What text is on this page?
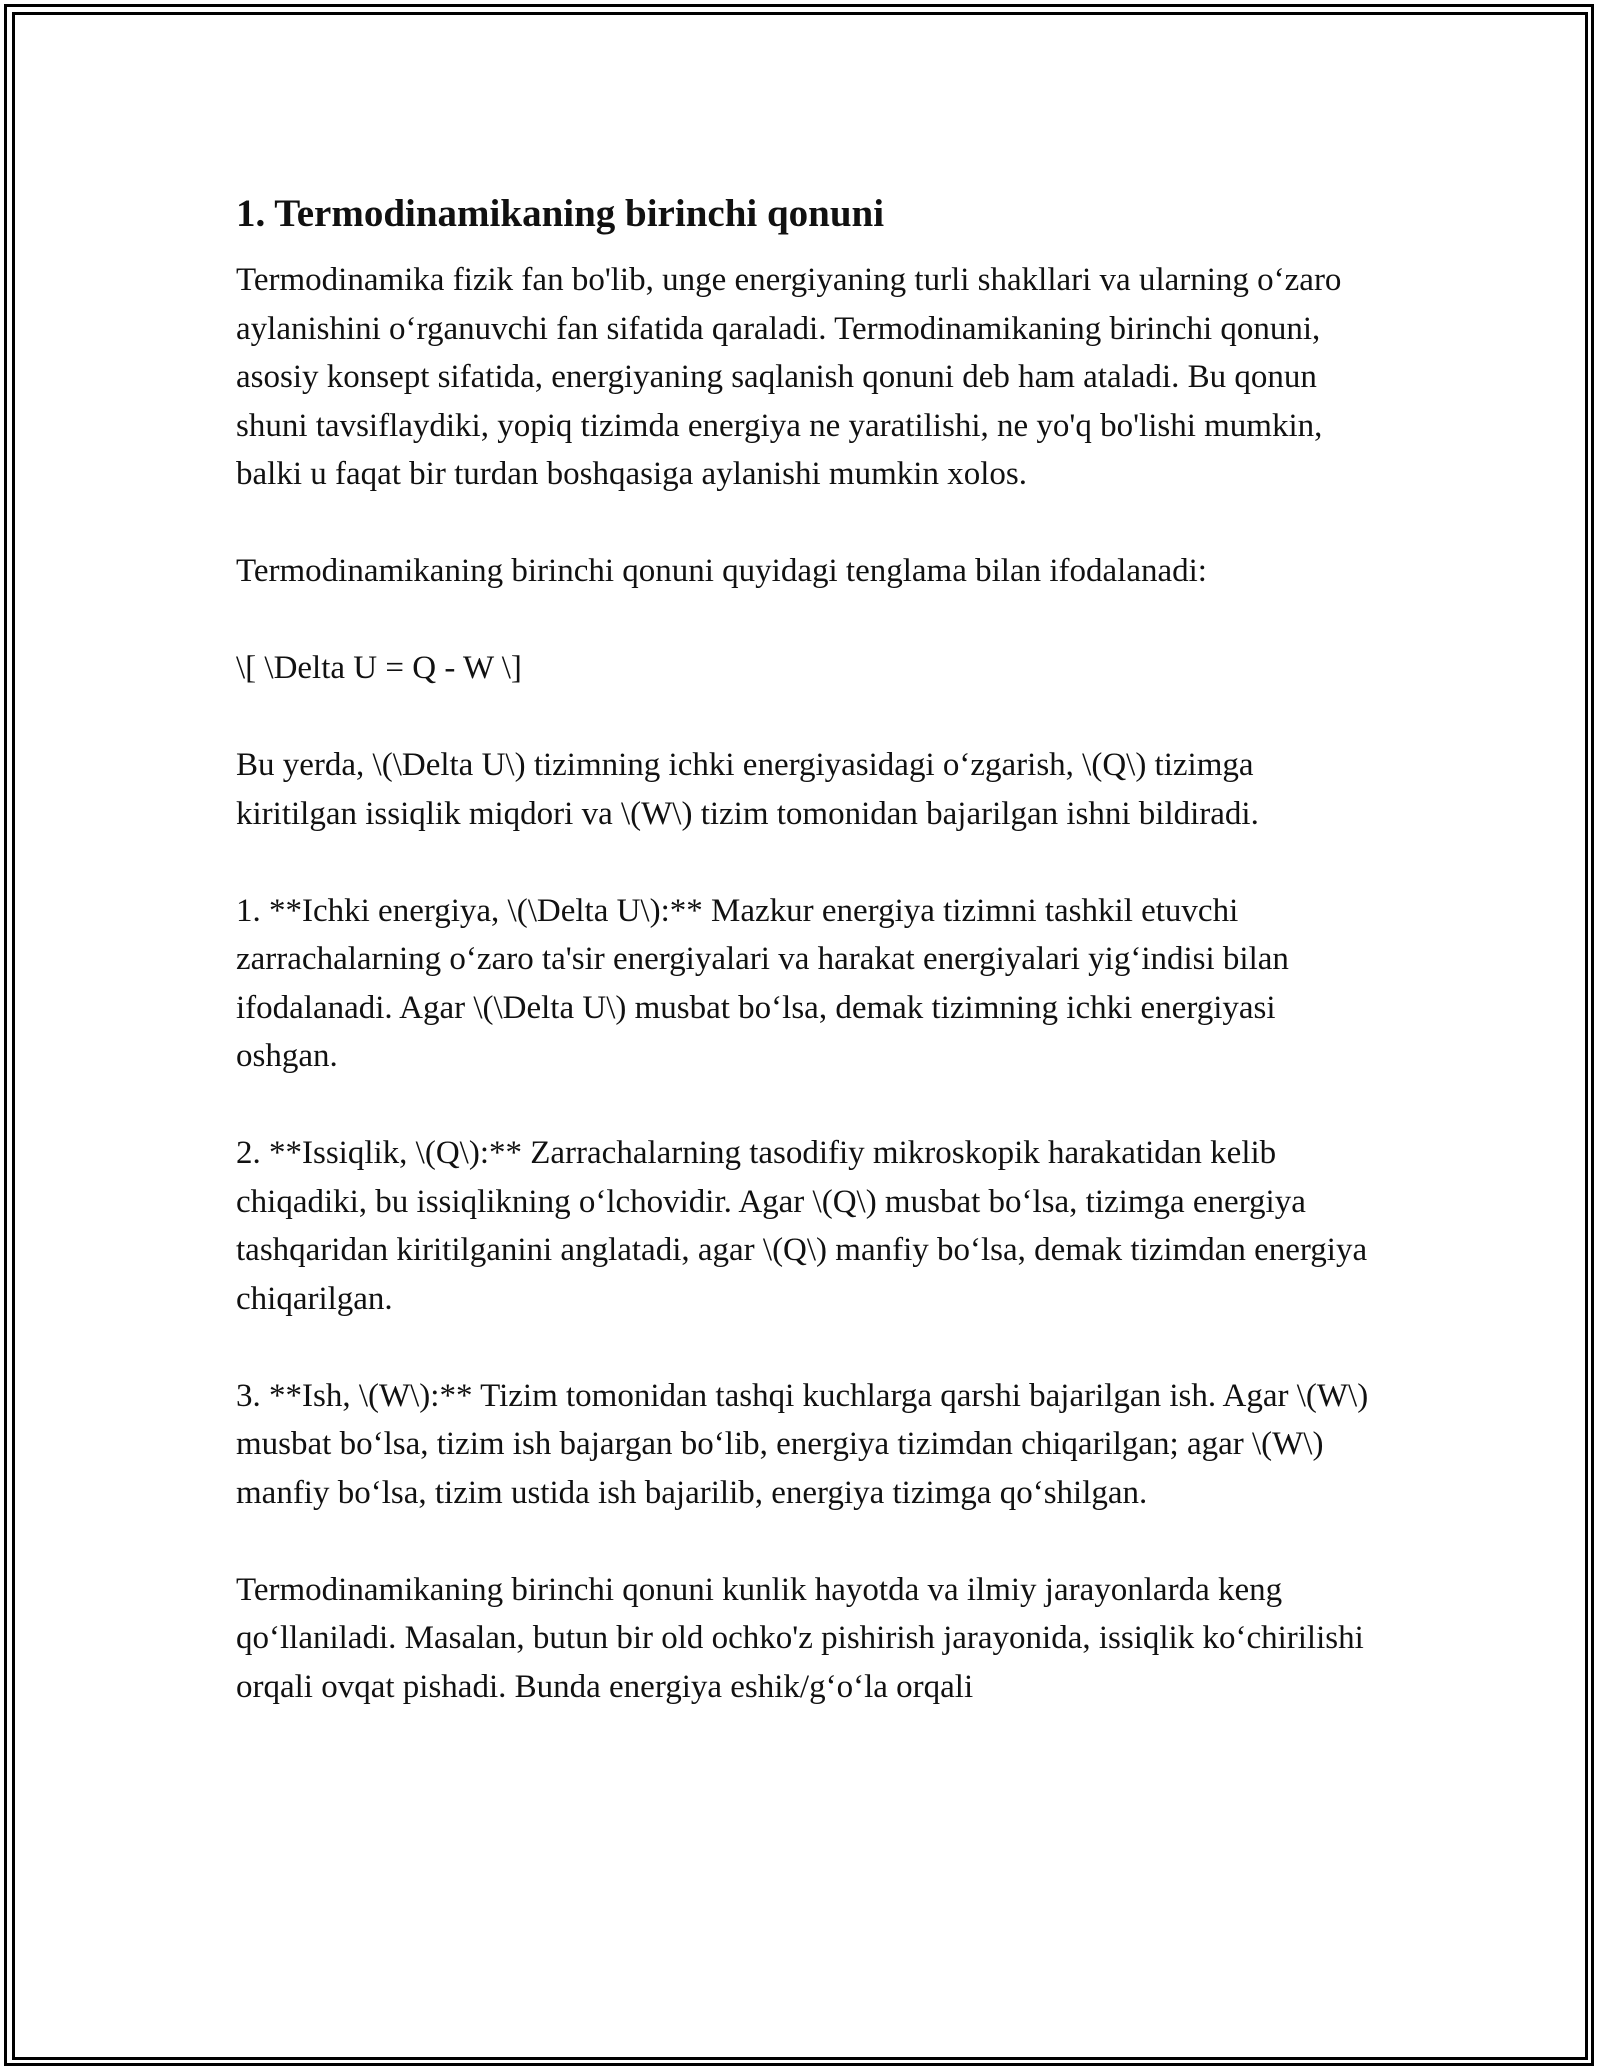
1. Termodinamikaning birinchi qonuni

Termodinamika fizik fan bo'lib, unge energiyaning turli shakllari va ularning o‘zaro aylanishini o‘rganuvchi fan sifatida qaraladi. Termodinamikaning birinchi qonuni, asosiy konsept sifatida, energiyaning saqlanish qonuni deb ham ataladi. Bu qonun shuni tavsiflaydiki, yopiq tizimda energiya ne yaratilishi, ne yo'q bo'lishi mumkin, balki u faqat bir turdan boshqasiga aylanishi mumkin xolos.

Termodinamikaning birinchi qonuni quyidagi tenglama bilan ifodalanadi:

\[ \Delta U = Q - W \]

Bu yerda, \(\Delta U\) tizimning ichki energiyasidagi o‘zgarish, \(Q\) tizimga kiritilgan issiqlik miqdori va \(W\) tizim tomonidan bajarilgan ishni bildiradi.

1. **Ichki energiya, \(\Delta U\):** Mazkur energiya tizimni tashkil etuvchi zarrachalarning o‘zaro ta'sir energiyalari va harakat energiyalari yig‘indisi bilan ifodalanadi. Agar \(\Delta U\) musbat bo‘lsa, demak tizimning ichki energiyasi oshgan.

2. **Issiqlik, \(Q\):** Zarrachalarning tasodifiy mikroskopik harakatidan kelib chiqadiki, bu issiqlikning o‘lchovidir. Agar \(Q\) musbat bo‘lsa, tizimga energiya tashqaridan kiritilganini anglatadi, agar \(Q\) manfiy bo‘lsa, demak tizimdan energiya chiqarilgan.

3. **Ish, \(W\):** Tizim tomonidan tashqi kuchlarga qarshi bajarilgan ish. Agar \(W\) musbat bo‘lsa, tizim ish bajargan bo‘lib, energiya tizimdan chiqarilgan; agar \(W\) manfiy bo‘lsa, tizim ustida ish bajarilib, energiya tizimga qo‘shilgan.

Termodinamikaning birinchi qonuni kunlik hayotda va ilmiy jarayonlarda keng qo‘llaniladi. Masalan, butun bir old ochko'z pishirish jarayonida, issiqlik ko‘chirilishi orqali ovqat pishadi. Bunda energiya eshik/g‘o‘la orqali
